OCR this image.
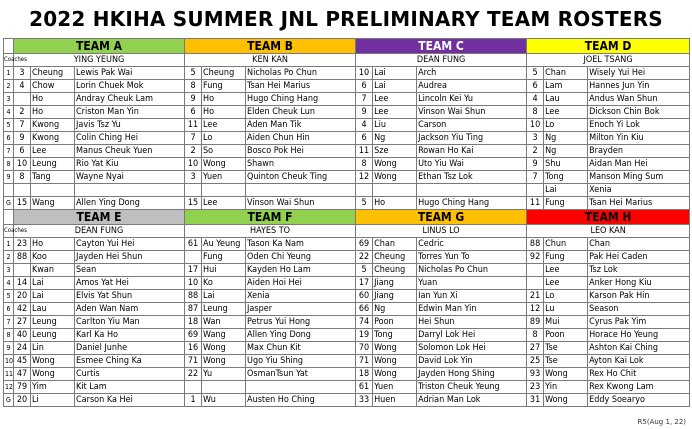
2022 HKIHA SUMMER JNL PRELIMINARY TEAM ROSTERS
	TEAM A			TEAM B			TEAM C			TEAM D		
Coaches	YING YEUNG			KEN KAN			DEAN FUNG			JOEL TSANG		
1	3	Cheung	Lewis Pak Wai	5	Cheung	Nicholas Po Chun	10	Lai	Arch	5	Chan	Wisely Yui Hei
2	4	Chow	Lorin Chuek Mok	8	Fung	Tsan Hei Marius	6	Lai	Audrea	6	Lam	Hannes Jun Yin
3		Ho	Andray Cheuk Lam	9	Ho	Hugo Ching Hang	7	Lee	Lincoln Kei Yu	4	Lau	Andus Wan Shun
4	2	Ho	Criston Man Yin	6	Ho	Elden Cheuk Lun	9	Lee	Vinson Wai Shun	8	Lee	Dickson Chin Bok
5	7	Kwong	Javis Tsz Yu	11	Lee	Aden Man Tik	4	Liu	Carson	10	Lo	Enoch Yi Lok
6	9	Kwong	Colin Ching Hei	7	Lo	Aiden Chun Hin	6	Ng	Jackson Yiu Ting	3	Ng	Milton Yin Kiu
7	6	Lee	Manus Cheuk Yuen	2	So	Bosco Pok Hei	11	Sze	Rowan Ho Kai	2	Ng	Brayden
8	10	Leung	Rio Yat Kiu	10	Wong	Shawn	8	Wong	Uto Yiu Wai	9	Shu	Aidan Man Hei
9	8	Tang	Wayne Nyai	3	Yuen	Quinton Cheuk Ting	12	Wong	Ethan Tsz Lok	7	Tong	Manson Ming Sum
											Lai	Xenia
G	15	Wang	Allen Ying Dong	15	Lee	Vinson Wai Shun	5	Ho	Hugo Ching Hang	11	Fung	Tsan Hei Marius
	TEAM E			TEAM F			TEAM G			TEAM H		
Coaches	DEAN FUNG			HAYES TO			LINUS LO			LEO KAN		
1	23	Ho	Cayton Yui Hei	61	Au Yeung	Tason Ka Nam	69	Chan	Cedric	88	Chun	Chan
2	88	Koo	Jayden Hei Shun		Fung	Oden Chi Yeung	22	Cheung	Torres Yun To	92	Fung	Pak Hei Caden
3		Kwan	Sean	17	Hui	Kayden Ho Lam	5	Cheung	Nicholas Po Chun		Lee	Tsz Lok
4	14	Lai	Amos Yat Hei	10	Ko	Aiden Hoi Hei	17	Jiang	Yuan		Lee	Anker Hong Kiu
5	20	Lai	Elvis Yat Shun	88	Lai	Xenia	60	Jiang	Ian Yun Xi	21	Lo	Karson Pak Hin
6	42	Lau	Aden Wan Nam	87	Leung	Jasper	66	Ng	Edwin Man Yin	12	Lu	Season
7	27	Leung	Carlton Yiu Man	18	Wan	Petrus Yui Hong	74	Poon	Hei Shun	89	Mui	Cyrus Pak Yim
8	40	Leung	Karl Ka Ho	69	Wang	Allen Ying Dong	19	Tong	Darryl Lok Hei	8	Poon	Horace Ho Yeung
9	24	Lin	Daniel Junhe	16	Wong	Max Chun Kit	70	Wong	Solomon Lok Hei	27	Tse	Ashton Kai Ching
10	45	Wong	Esmee Ching Ka	71	Wong	Ugo Yiu Shing	71	Wong	David Lok Yin	25	Tse	Ayton Kai Lok
11	47	Wong	Curtis	22	Yu	OsmanTsun Yat	18	Wong	Jayden Hong Shing	93	Wong	Rex Ho Chit
12	79	Yim	Kit Lam				61	Yuen	Triston Cheuk Yeung	23	Yin	Rex Kwong Lam
G	20	Li	Carson Ka Hei	1	Wu	Austen Ho Ching	33	Huen	Adrian Man Lok	31	Wong	Eddy Soearyo
R5(Aug 1, 22)
